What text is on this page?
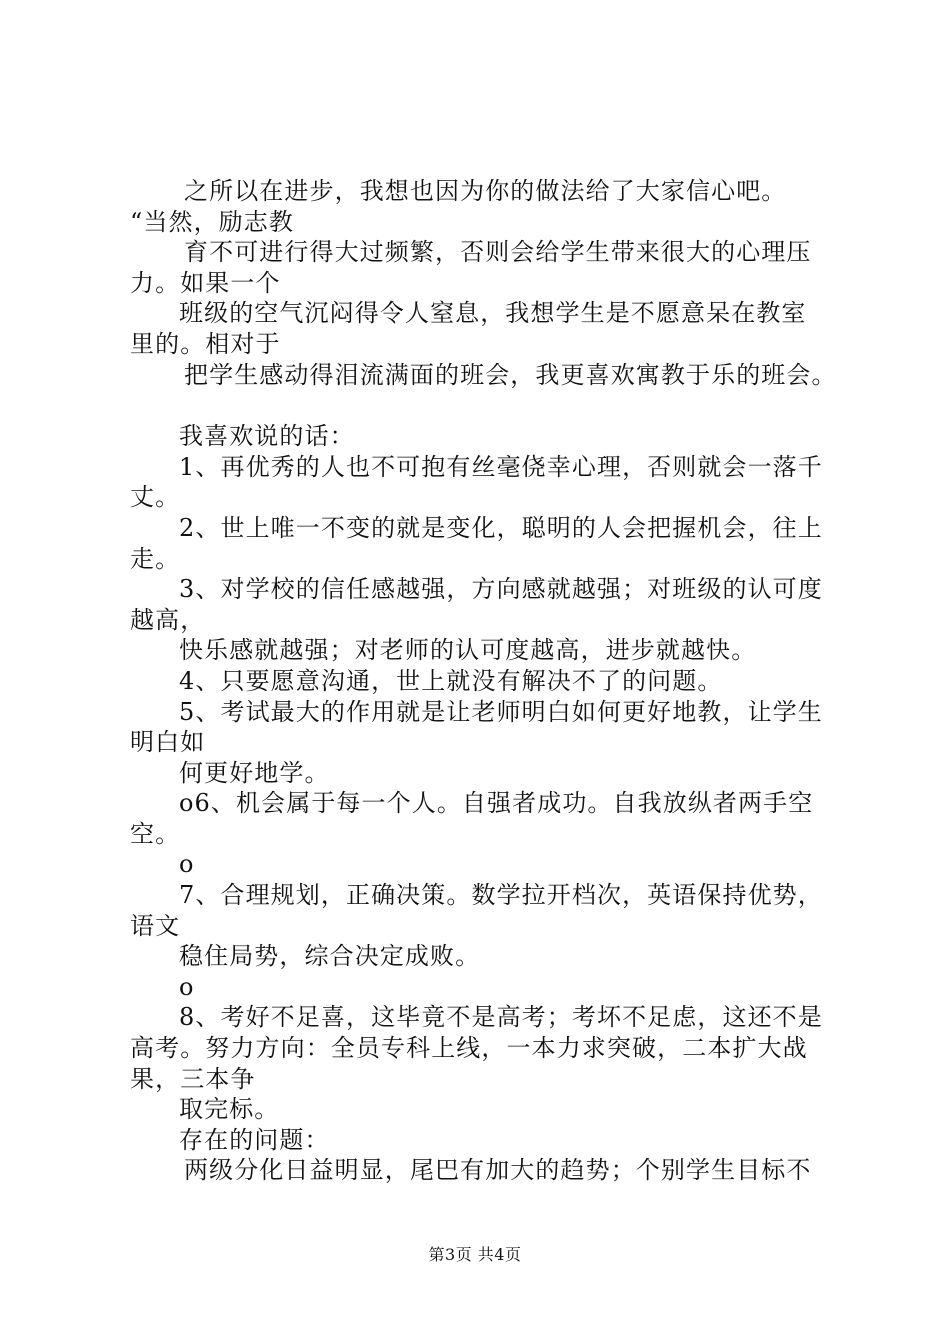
之所以在进步，我想也因为你的做法给了大家信心吧。
“当然，励志教
育不可进行得大过频繁，否则会给学生带来很大的心理压
力。如果一个
班级的空气沉闷得令人窒息，我想学生是不愿意呆在教室
里的。相对于
把学生感动得泪流满面的班会，我更喜欢寓教于乐的班会。
我喜欢说的话：
1、再优秀的人也不可抱有丝毫侥幸心理，否则就会一落千
丈。
2、世上唯一不变的就是变化，聪明的人会把握机会，往上
走。
3、对学校的信任感越强，方向感就越强；对班级的认可度
越高，
快乐感就越强；对老师的认可度越高，进步就越快。
4、只要愿意沟通，世上就没有解决不了的问题。
5、考试最大的作用就是让老师明白如何更好地教，让学生
明白如
何更好地学。
o6、机会属于每一个人。自强者成功。自我放纵者两手空
空。
o
7、合理规划，正确决策。数学拉开档次，英语保持优势，
语文
稳住局势，综合决定成败。
o
8、考好不足喜，这毕竟不是高考；考坏不足虑，这还不是
高考。努力方向：全员专科上线，一本力求突破，二本扩大战
果，三本争
取完标。
存在的问题：
两级分化日益明显，尾巴有加大的趋势；个别学生目标不
第3页 共4页
